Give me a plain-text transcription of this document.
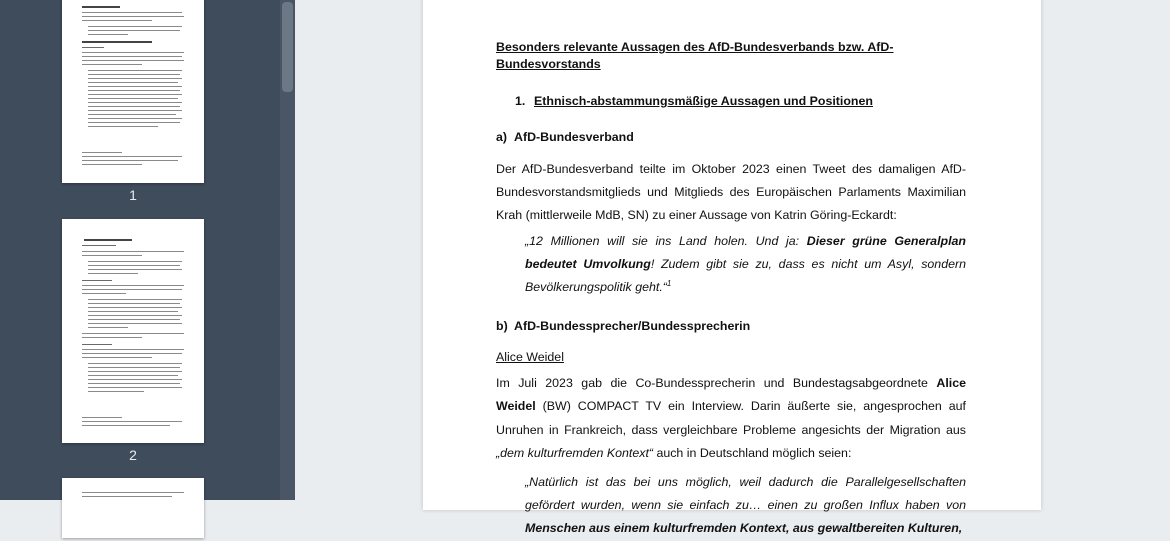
1
2
Besonders relevante Aussagen des AfD-Bundesverbands bzw. AfD-Bundesvorstands
1. Ethnisch-abstammungsmäßige Aussagen und Positionen
a) AfD-Bundesverband
Der AfD-Bundesverband teilte im Oktober 2023 einen Tweet des damaligen AfD-Bundesvorstandsmitglieds und Mitglieds des Europäischen Parlaments Maximilian Krah (mittlerweile MdB, SN) zu einer Aussage von Katrin Göring-Eckardt:
„12 Millionen will sie ins Land holen. Und ja: Dieser grüne Generalplan bedeutet Umvolkung! Zudem gibt sie zu, dass es nicht um Asyl, sondern Bevölkerungspolitik geht.“$^1$
b) AfD-Bundessprecher/Bundessprecherin
Alice Weidel
Im Juli 2023 gab die Co-Bundessprecherin und Bundestagsabgeordnete Alice Weidel (BW) COMPACT TV ein Interview. Darin äußerte sie, angesprochen auf Unruhen in Frankreich, dass vergleichbare Probleme angesichts der Migration aus „dem kulturfremden Kontext“ auch in Deutschland möglich seien:
„Natürlich ist das bei uns möglich, weil dadurch die Parallelgesellschaften gefördert wurden, wenn sie einfach zu… einen zu großen Influx haben von Menschen aus einem kulturfremden Kontext, aus gewaltbereiten Kulturen,
